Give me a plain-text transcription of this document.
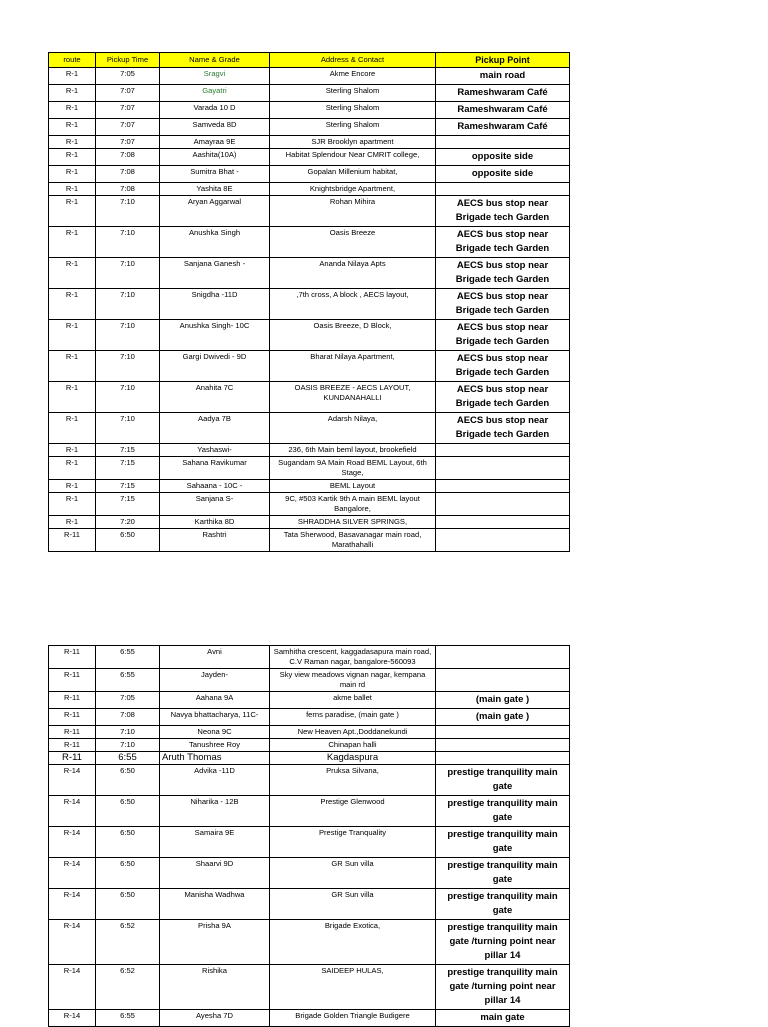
route	Pickup Time	Name & Grade	Address & Contact	Pickup Point
R-1	7:05	Sragvi	Akme Encore	main road
R-1	7:07	Gayatri	Sterling Shalom	Rameshwaram Café
R-1	7:07	Varada 10 D	Sterling Shalom	Rameshwaram Café
R-1	7:07	Samveda 8D	Sterling Shalom	Rameshwaram Café
R-1	7:07	Amayraa 9E	SJR Brooklyn apartment	
R-1	7:08	Aashita(10A)	Habitat Splendour Near CMRIT college,	opposite side
R-1	7:08	Sumitra Bhat -	Gopalan Millenium habitat,	opposite side
R-1	7:08	Yashita 8E	Knightsbridge Apartment,	
R-1	7:10	Aryan Aggarwal	Rohan Mihira	AECS bus stop near Brigade tech Garden
R-1	7:10	Anushka Singh	Oasis Breeze	AECS bus stop near Brigade tech Garden
R-1	7:10	Sanjana Ganesh -	Ananda Nilaya Apts	AECS bus stop near Brigade tech Garden
R-1	7:10	Snigdha -11D	,7th cross, A block , AECS layout,	AECS bus stop near Brigade tech Garden
R-1	7:10	Anushka Singh- 10C	Oasis Breeze, D Block,	AECS bus stop near Brigade tech Garden
R-1	7:10	Gargi Dwivedi - 9D	Bharat Nilaya Apartment,	AECS bus stop near Brigade tech Garden
R-1	7:10	Anahita 7C	OASIS BREEZE - AECS LAYOUT, KUNDANAHALLI	AECS bus stop near Brigade tech Garden
R-1	7:10	Aadya 7B	Adarsh Nilaya,	AECS bus stop near Brigade tech Garden
R-1	7:15	Yashaswi-	236, 6th Main beml layout, brookefield	
R-1	7:15	Sahana Ravikumar	Sugandam 9A Main Road BEML Layout, 6th Stage,	
R-1	7:15	Sahaana - 10C -	BEML Layout	
R-1	7:15	Sanjana S-	9C, #503 Kartik 9th A main BEML layout Bangalore,	
R-1	7:20	Karthika 8D	SHRADDHA SILVER SPRINGS,	
R-11	6:50	Rashtri	Tata Sherwood, Basavanagar main road, Marathahalli	
R-11	6:55	Avni	Samhitha crescent, kaggadasapura main road, C.V Raman nagar, bangalore-560093	
R-11	6:55	Jayden-	Sky view meadows vignan nagar, kempana main rd	
R-11	7:05	Aahana 9A	akme ballet	(main gate )
R-11	7:08	Navya bhattacharya, 11C-	ferns paradise, (main gate )	(main gate )
R-11	7:10	Neona 9C	New Heaven Apt.,Doddanekundi	
R-11	7:10	Tanushree Roy	Chinapan halli	
R-11	6:55	Aruth Thomas	Kagdaspura	
R-14	6:50	Advika -11D	Pruksa Silvana,	prestige tranquility main gate
R-14	6:50	Niharika - 12B	Prestige Glenwood	prestige tranquility main gate
R-14	6:50	Samaira 9E	Prestige Tranquality	prestige tranquility main gate
R-14	6:50	Shaarvi 9D	GR Sun villa	prestige tranquility main gate
R-14	6:50	Manisha Wadhwa	GR Sun villa	prestige tranquility main gate
R-14	6:52	Prisha 9A	Brigade Exotica,	prestige tranquility main gate /turning point near pillar 14
R-14	6:52	Rishika	SAIDEEP HULAS,	prestige tranquility main gate /turning point near pillar 14
R-14	6:55	Ayesha 7D	Brigade Golden Triangle Budigere	main gate
